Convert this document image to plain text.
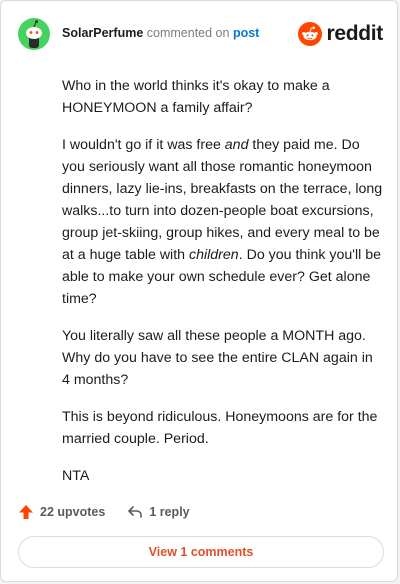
SolarPerfume commented on post	reddit

Who in the world thinks it's okay to make a HONEYMOON a family affair?

I wouldn't go if it was free and they paid me. Do you seriously want all those romantic honeymoon dinners, lazy lie-ins, breakfasts on the terrace, long walks...to turn into dozen-people boat excursions, group jet-skiing, group hikes, and every meal to be at a huge table with children. Do you think you'll be able to make your own schedule ever? Get alone time?

You literally saw all these people a MONTH ago. Why do you have to see the entire CLAN again in 4 months?

This is beyond ridiculous. Honeymoons are for the married couple. Period.

NTA

22 upvotes	1 reply
View 1 comments
